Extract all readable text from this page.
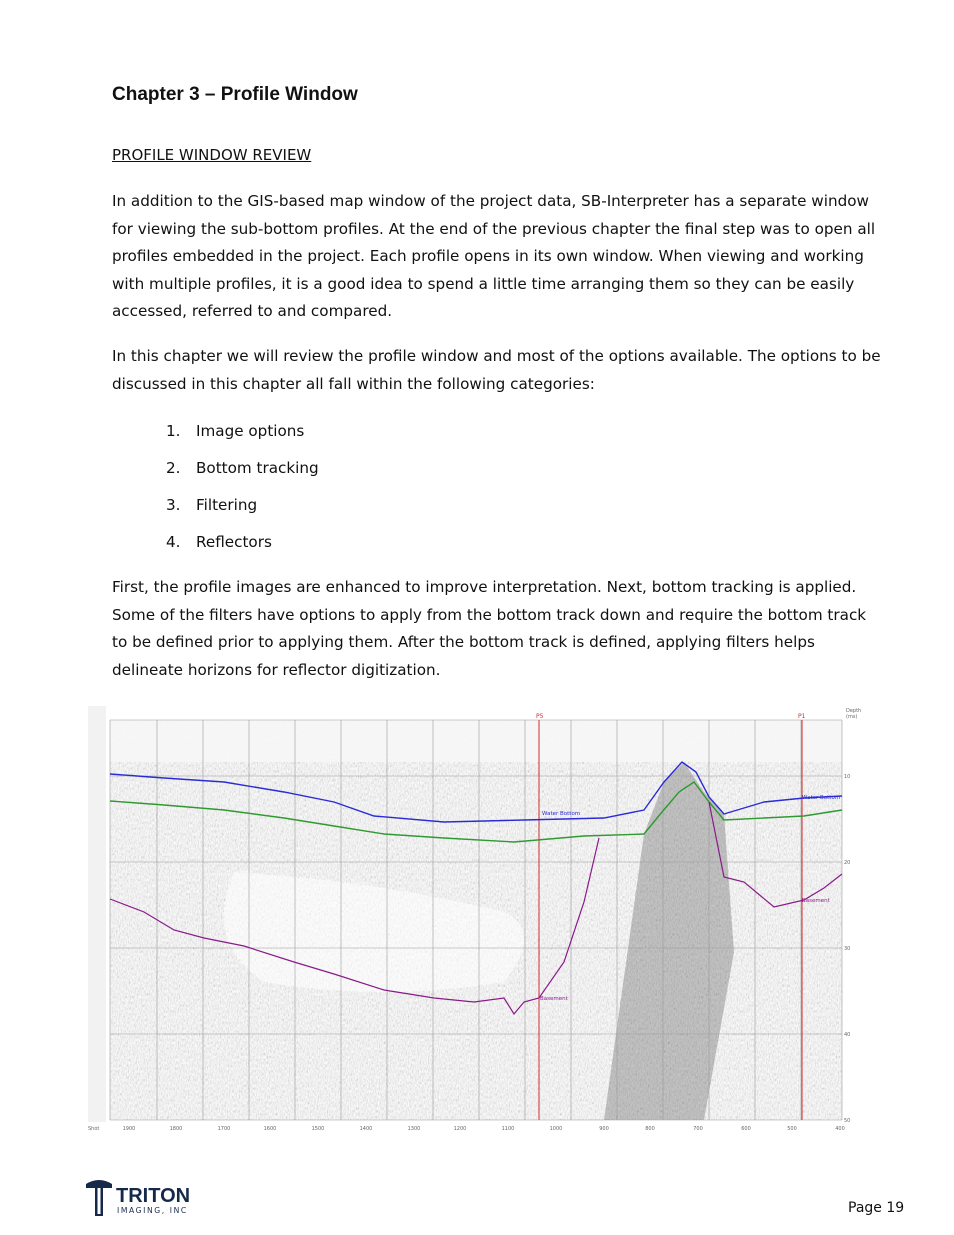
Chapter 3 – Profile Window
PROFILE WINDOW REVIEW

In addition to the GIS-based map window of the project data, SB-Interpreter has a separate window for viewing the sub-bottom profiles. At the end of the previous chapter the final step was to open all profiles embedded in the project. Each profile opens in its own window. When viewing and working with multiple profiles, it is a good idea to spend a little time arranging them so they can be easily accessed, referred to and compared.

In this chapter we will review the profile window and most of the options available. The options to be discussed in this chapter all fall within the following categories:

1.	Image options
2.	Bottom tracking
3.	Filtering
4.	Reflectors

First, the profile images are enhanced to improve interpretation. Next, bottom tracking is applied. Some of the filters have options to apply from the bottom track down and require the bottom track to be defined prior to applying them. After the bottom track is defined, applying filters helps delineate horizons for reflector digitization.

P5	P1
Water Bottom
Water Bottom
Basement
Basement
Depth
(ms)
10
20
30
40
50
Shot	1900	1800	1700	1600	1500	1400	1300	1200	1100	1000	900	800	700	600	500	400
TRITON
IMAGING, INC	Page 19
